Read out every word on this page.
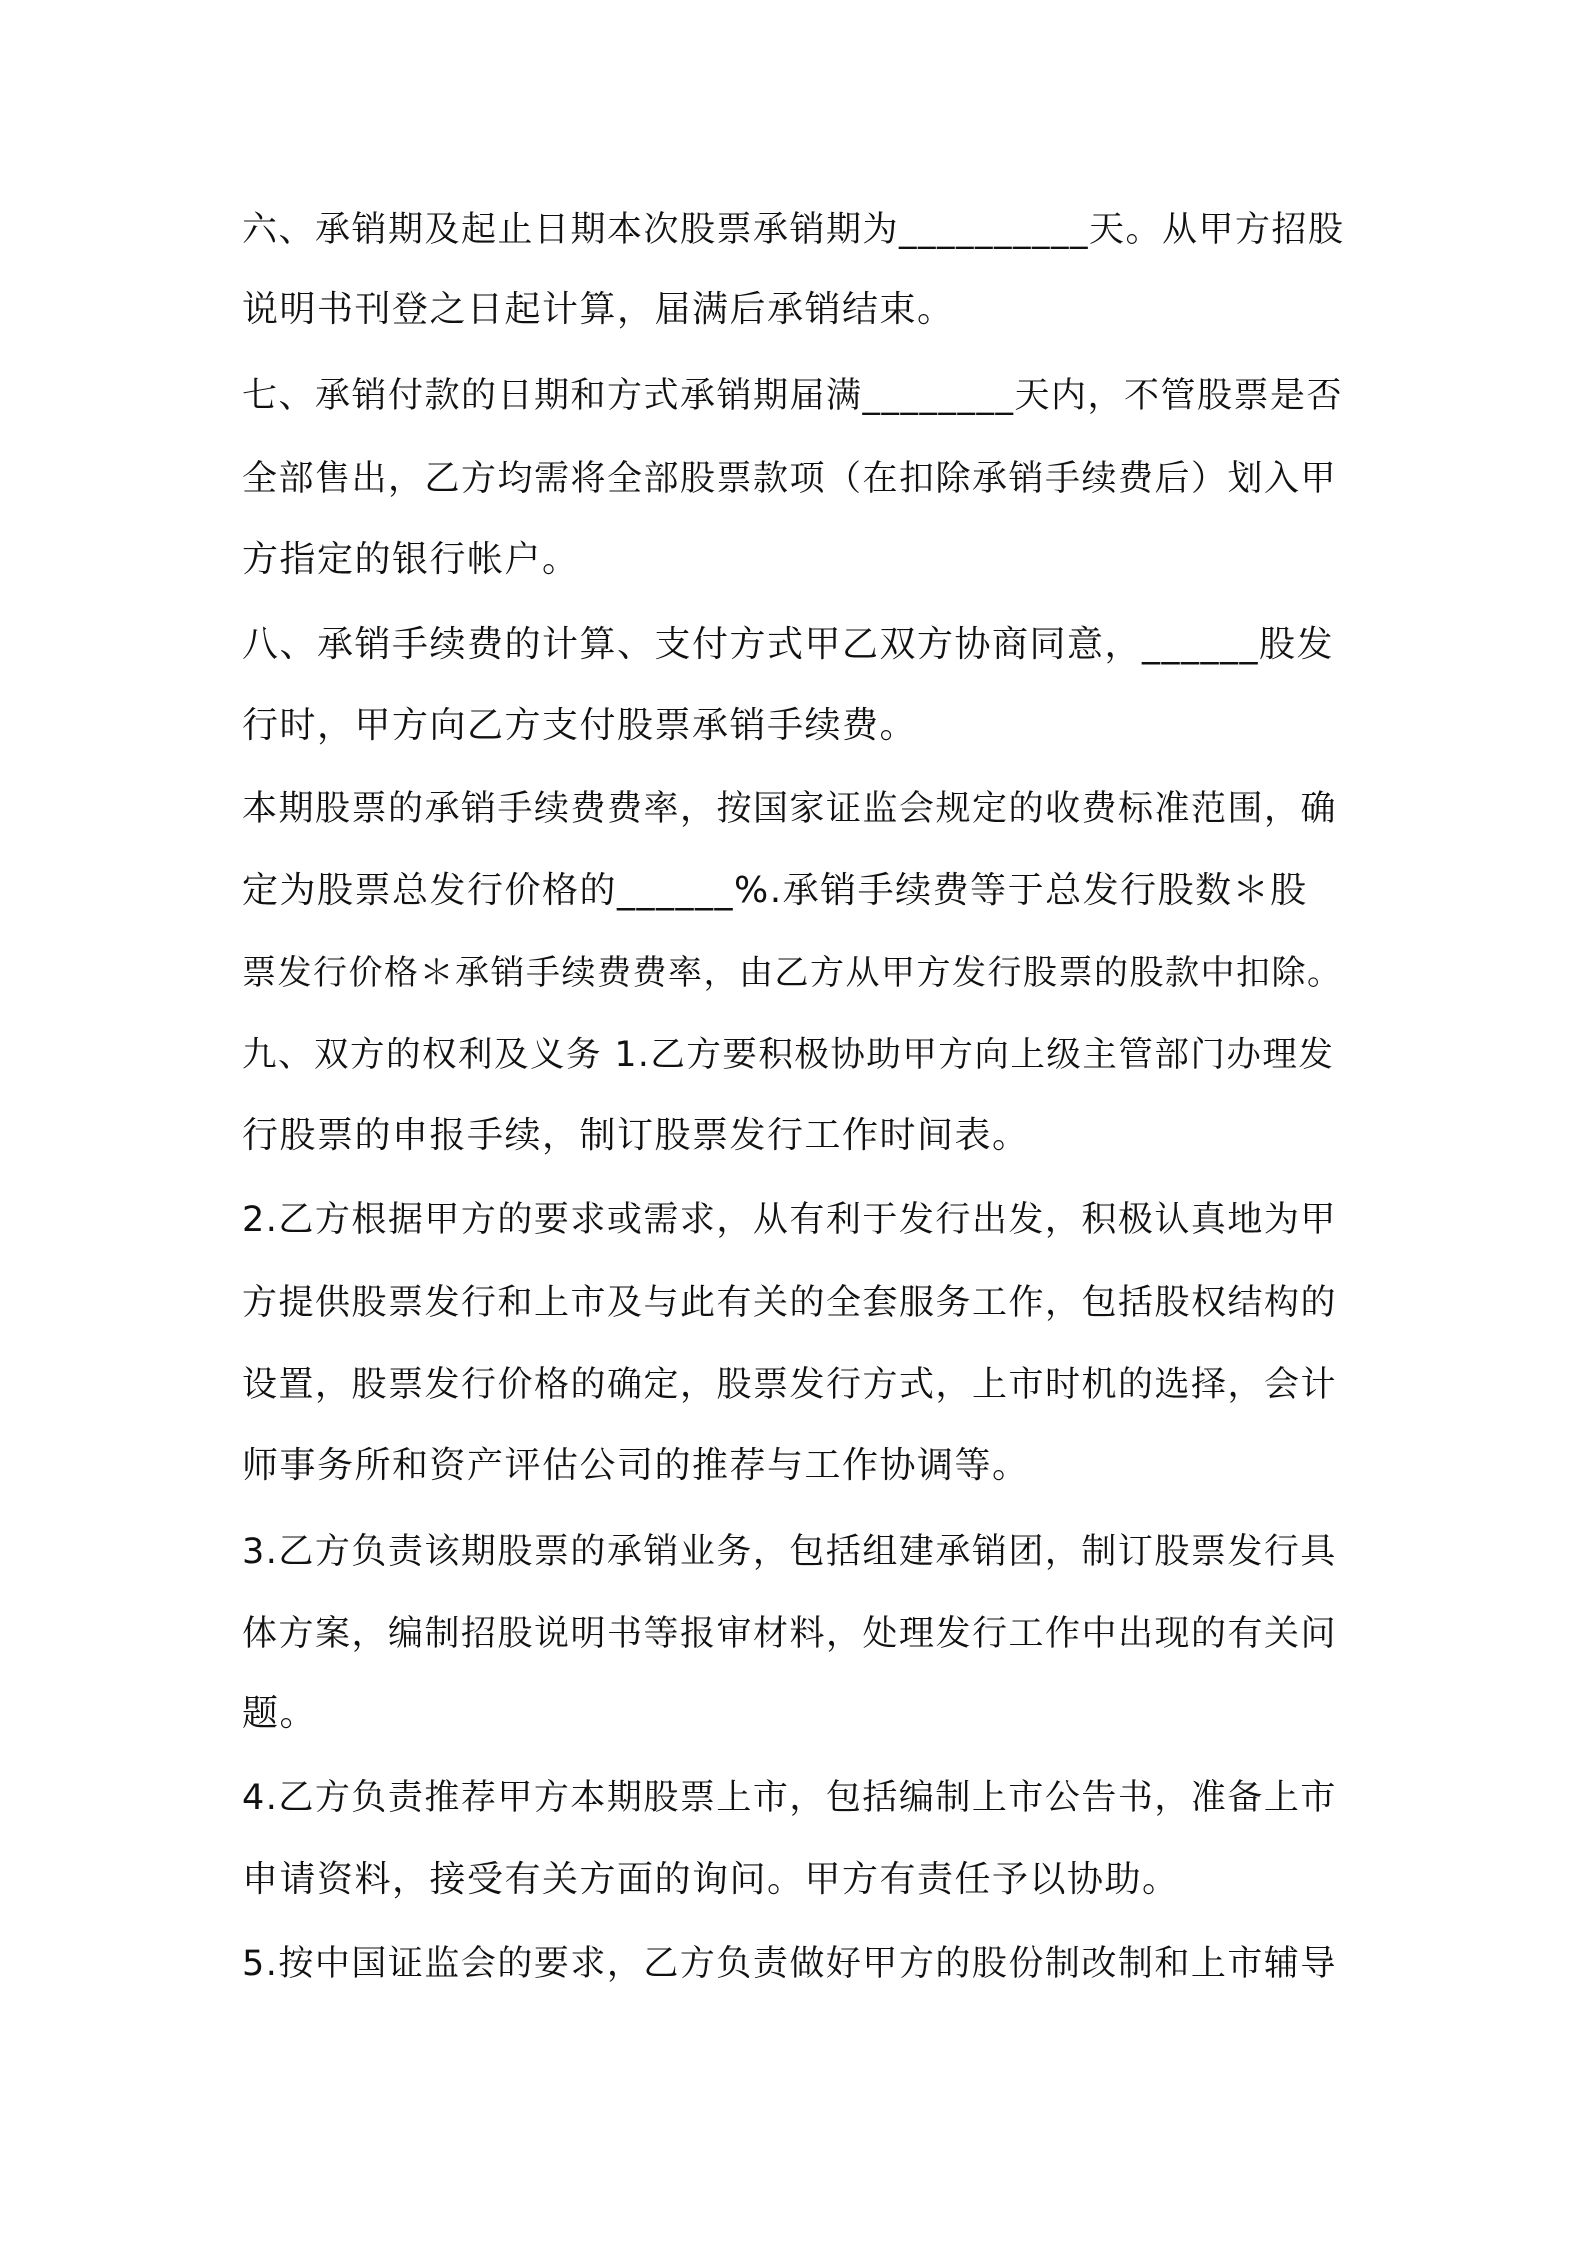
六、承销期及起止日期本次股票承销期为__________天。从甲方招股
说明书刊登之日起计算，届满后承销结束。
七、承销付款的日期和方式承销期届满________天内，不管股票是否
全部售出，乙方均需将全部股票款项（在扣除承销手续费后）划入甲
方指定的银行帐户。
八、承销手续费的计算、支付方式甲乙双方协商同意，______股发
行时，甲方向乙方支付股票承销手续费。
本期股票的承销手续费费率，按国家证监会规定的收费标准范围，确
定为股票总发行价格的______%.承销手续费等于总发行股数＊股
票发行价格＊承销手续费费率，由乙方从甲方发行股票的股款中扣除。
九、双方的权利及义务 1.乙方要积极协助甲方向上级主管部门办理发
行股票的申报手续，制订股票发行工作时间表。
2.乙方根据甲方的要求或需求，从有利于发行出发，积极认真地为甲
方提供股票发行和上市及与此有关的全套服务工作，包括股权结构的
设置，股票发行价格的确定，股票发行方式，上市时机的选择，会计
师事务所和资产评估公司的推荐与工作协调等。
3.乙方负责该期股票的承销业务，包括组建承销团，制订股票发行具
体方案，编制招股说明书等报审材料，处理发行工作中出现的有关问
题。
4.乙方负责推荐甲方本期股票上市，包括编制上市公告书，准备上市
申请资料，接受有关方面的询问。甲方有责任予以协助。
5.按中国证监会的要求，乙方负责做好甲方的股份制改制和上市辅导
